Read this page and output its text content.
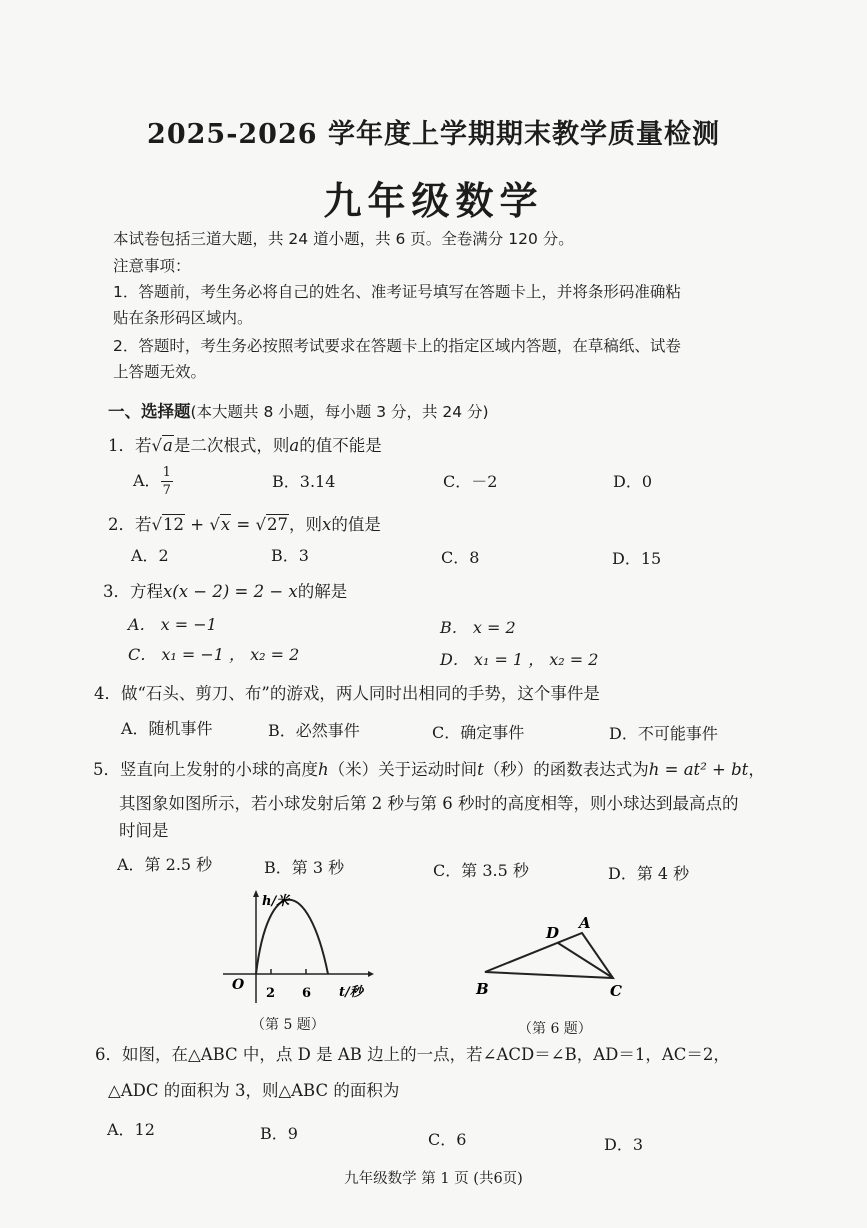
2025-2026 学年度上学期期末教学质量检测
九年级数学
本试卷包括三道大题，共 24 道小题，共 6 页。全卷满分 120 分。
注意事项：
1．答题前，考生务必将自己的姓名、准考证号填写在答题卡上，并将条形码准确粘
贴在条形码区域内。
2．答题时，考生务必按照考试要求在答题卡上的指定区域内答题，在草稿纸、试卷
上答题无效。
一、选择题(本大题共 8 小题，每小题 3 分，共 24 分)
1．若√a是二次根式，则a的值不能是
A． $\frac{1}{7}$	B．3.14	C．－2	D．0
2．若√12 + √x = √27，则x的值是
A．2	B．3	C．8	D．15
3．方程x(x − 2) = 2 − x的解是
A． x = −1	B． x = 2
C． x₁ = −1 ， x₂ = 2	D． x₁ = 1 ， x₂ = 2
4．做“石头、剪刀、布”的游戏，两人同时出相同的手势，这个事件是
A．随机事件	B．必然事件	C．确定事件	D．不可能事件
5．竖直向上发射的小球的高度h（米）关于运动时间t（秒）的函数表达式为h = at² + bt，
其图象如图所示，若小球发射后第 2 秒与第 6 秒时的高度相等，则小球达到最高点的
时间是
A．第 2.5 秒	B．第 3 秒	C．第 3.5 秒	D．第 4 秒
h/米
O
2 6 t/秒
（第 5 题）
D
A
B	C
（第 6 题）
6．如图，在△ABC 中，点 D 是 AB 边上的一点，若∠ACD＝∠B，AD＝1，AC＝2，
△ADC 的面积为 3，则△ABC 的面积为
A．12	B．9	C．6	D．3
九年级数学 第 1 页 (共6页)
